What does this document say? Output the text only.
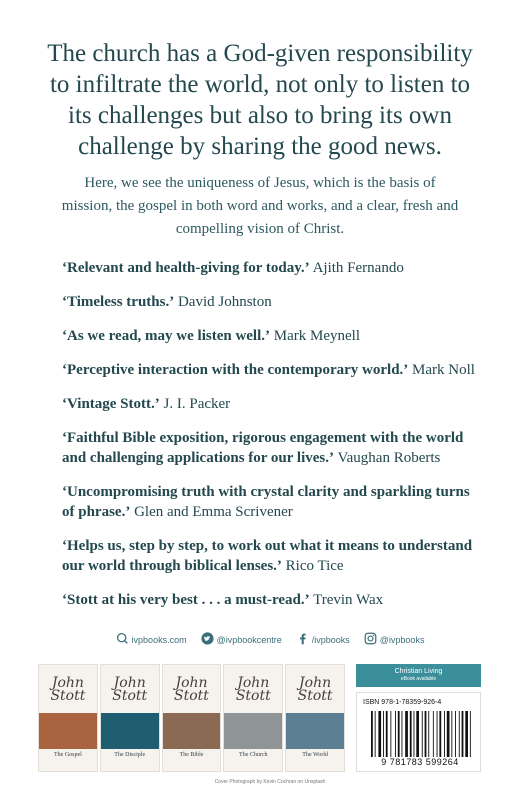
The church has a God-given responsibility to infiltrate the world, not only to listen to its challenges but also to bring its own challenge by sharing the good news.
Here, we see the uniqueness of Jesus, which is the basis of mission, the gospel in both word and works, and a clear, fresh and compelling vision of Christ.

‘Relevant and health-giving for today.’ Ajith Fernando

‘Timeless truths.’ David Johnston

‘As we read, may we listen well.’ Mark Meynell

‘Perceptive interaction with the contemporary world.’ Mark Noll

‘Vintage Stott.’ J. I. Packer

‘Faithful Bible exposition, rigorous engagement with the world and challenging applications for our lives.’ Vaughan Roberts

‘Uncompromising truth with crystal clarity and sparkling turns of phrase.’ Glen and Emma Scrivener

‘Helps us, step by step, to work out what it means to understand our world through biblical lenses.’ Rico Tice

‘Stott at his very best . . . a must-read.’ Trevin Wax

ivpbooks.com	@ivpbookcentre	/ivpbooks	@ivpbooks
John Stott
The Gospel
John Stott
The Disciple
John Stott
The Bible
John Stott
The Church
John Stott
The World
Christian Living
eBook available
ISBN 978-1-78359-926-4
9 781783 599264
Cover Photograph by Kevin Cochran on Unsplash
